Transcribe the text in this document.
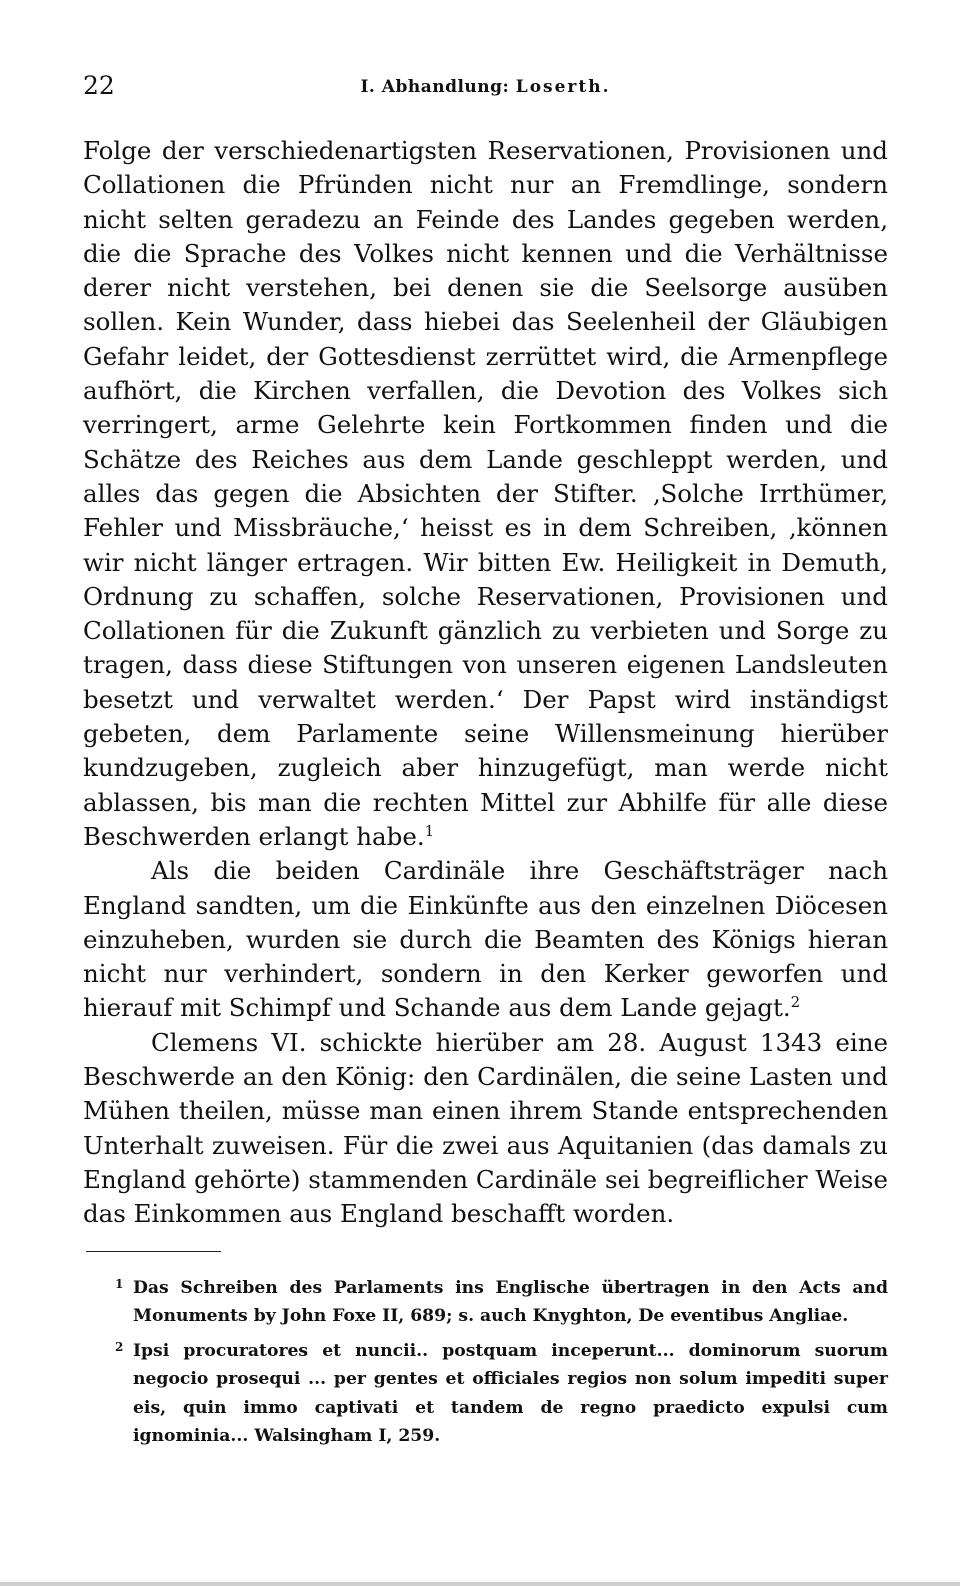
22	I. Abhandlung: Loserth.

Folge der verschiedenartigsten Reservationen, Provisionen und Collationen die Pfründen nicht nur an Fremdlinge, sondern nicht selten geradezu an Feinde des Landes gegeben werden, die die Sprache des Volkes nicht kennen und die Verhältnisse derer nicht verstehen, bei denen sie die Seelsorge ausüben sollen. Kein Wunder, dass hiebei das Seelenheil der Gläubigen Gefahr leidet, der Gottesdienst zerrüttet wird, die Armenpflege aufhört, die Kirchen verfallen, die Devotion des Volkes sich verringert, arme Gelehrte kein Fortkommen finden und die Schätze des Reiches aus dem Lande geschleppt werden, und alles das gegen die Absichten der Stifter. ‚Solche Irrthümer, Fehler und Missbräuche,‘ heisst es in dem Schreiben, ‚können wir nicht länger ertragen. Wir bitten Ew. Heiligkeit in Demuth, Ordnung zu schaffen, solche Reservationen, Provisionen und Collationen für die Zukunft gänzlich zu verbieten und Sorge zu tragen, dass diese Stiftungen von unseren eigenen Landsleuten besetzt und verwaltet werden.‘ Der Papst wird inständigst gebeten, dem Parlamente seine Willensmeinung hierüber kundzugeben, zugleich aber hinzugefügt, man werde nicht ablassen, bis man die rechten Mittel zur Abhilfe für alle diese Beschwerden erlangt habe.$^1$

Als die beiden Cardinäle ihre Geschäftsträger nach England sandten, um die Einkünfte aus den einzelnen Diöcesen einzuheben, wurden sie durch die Beamten des Königs hieran nicht nur verhindert, sondern in den Kerker geworfen und hierauf mit Schimpf und Schande aus dem Lande gejagt.$^2$

Clemens VI. schickte hierüber am 28. August 1343 eine Beschwerde an den König: den Cardinälen, die seine Lasten und Mühen theilen, müsse man einen ihrem Stande entsprechenden Unterhalt zuweisen. Für die zwei aus Aquitanien (das damals zu England gehörte) stammenden Cardinäle sei begreiflicher Weise das Einkommen aus England beschafft worden.

1 Das Schreiben des Parlaments ins Englische übertragen in den Acts and Monuments by John Foxe II, 689; s. auch Knyghton, De eventibus Angliae.
2 Ipsi procuratores et nuncii.. postquam inceperunt... dominorum suorum negocio prosequi ... per gentes et officiales regios non solum impediti super eis, quin immo captivati et tandem de regno praedicto expulsi cum ignominia... Walsingham I, 259.
